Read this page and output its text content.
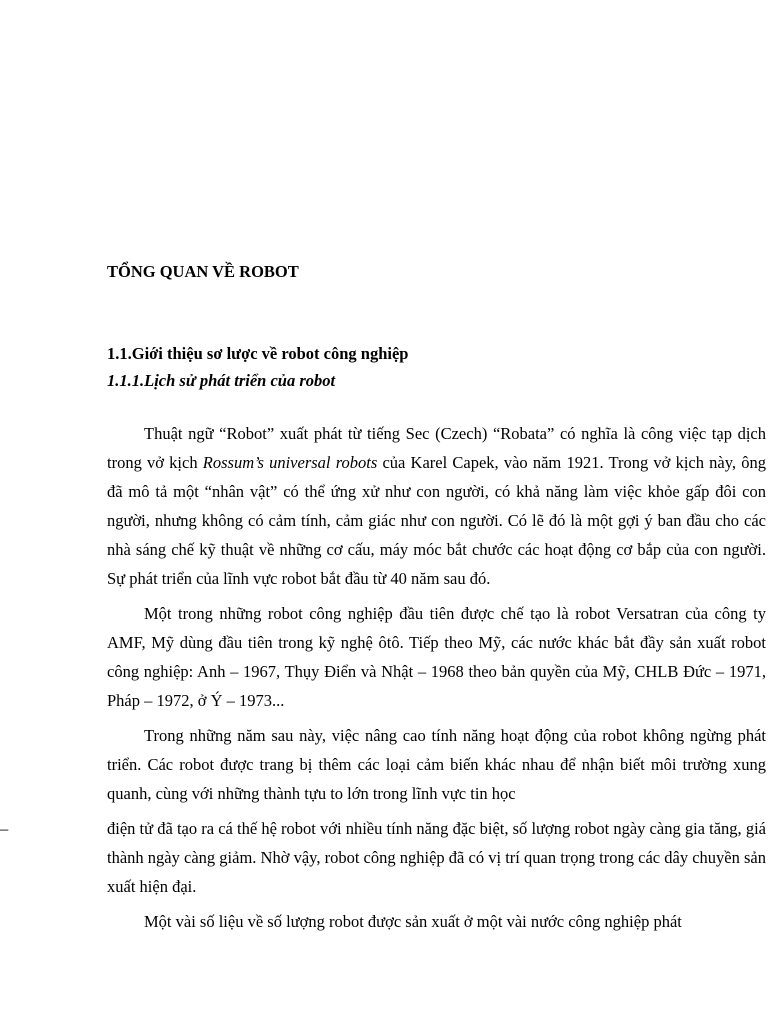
TỔNG QUAN VỀ ROBOT
1.1.Giới thiệu sơ lược về robot công nghiệp
1.1.1.Lịch sử phát triển của robot

Thuật ngữ “Robot” xuất phát từ tiếng Sec (Czech) “Robata” có nghĩa là công việc tạp dịch trong vở kịch Rossum’s universal robots của Karel Capek, vào năm 1921. Trong vở kịch này, ông đã mô tả một “nhân vật” có thể ứng xử như con người, có khả năng làm việc khỏe gấp đôi con người, nhưng không có cảm tính, cảm giác như con người. Có lẽ đó là một gợi ý ban đầu cho các nhà sáng chế kỹ thuật về những cơ cấu, máy móc bắt chước các hoạt động cơ bắp của con người. Sự phát triển của lĩnh vực robot bắt đầu từ 40 năm sau đó.

Một trong những robot công nghiệp đầu tiên được chế tạo là robot Versatran của công ty AMF, Mỹ dùng đầu tiên trong kỹ nghệ ôtô. Tiếp theo Mỹ, các nước khác bắt đầy sản xuất robot công nghiệp: Anh – 1967, Thụy Điển và Nhật – 1968 theo bản quyền của Mỹ, CHLB Đức – 1971, Pháp – 1972, ở Ý – 1973...

Trong những năm sau này, việc nâng cao tính năng hoạt động của robot không ngừng phát triển. Các robot được trang bị thêm các loại cảm biến khác nhau để nhận biết môi trường xung quanh, cùng với những thành tựu to lớn trong lĩnh vực tin học

–	điện tử đã tạo ra cá thế hệ robot với nhiều tính năng đặc biệt, số lượng robot ngày càng gia tăng, giá thành ngày càng giảm. Nhờ vậy, robot công nghiệp đã có vị trí quan trọng trong các dây chuyền sản xuất hiện đại.

Một vài số liệu về số lượng robot được sản xuất ở một vài nước công nghiệp phát
